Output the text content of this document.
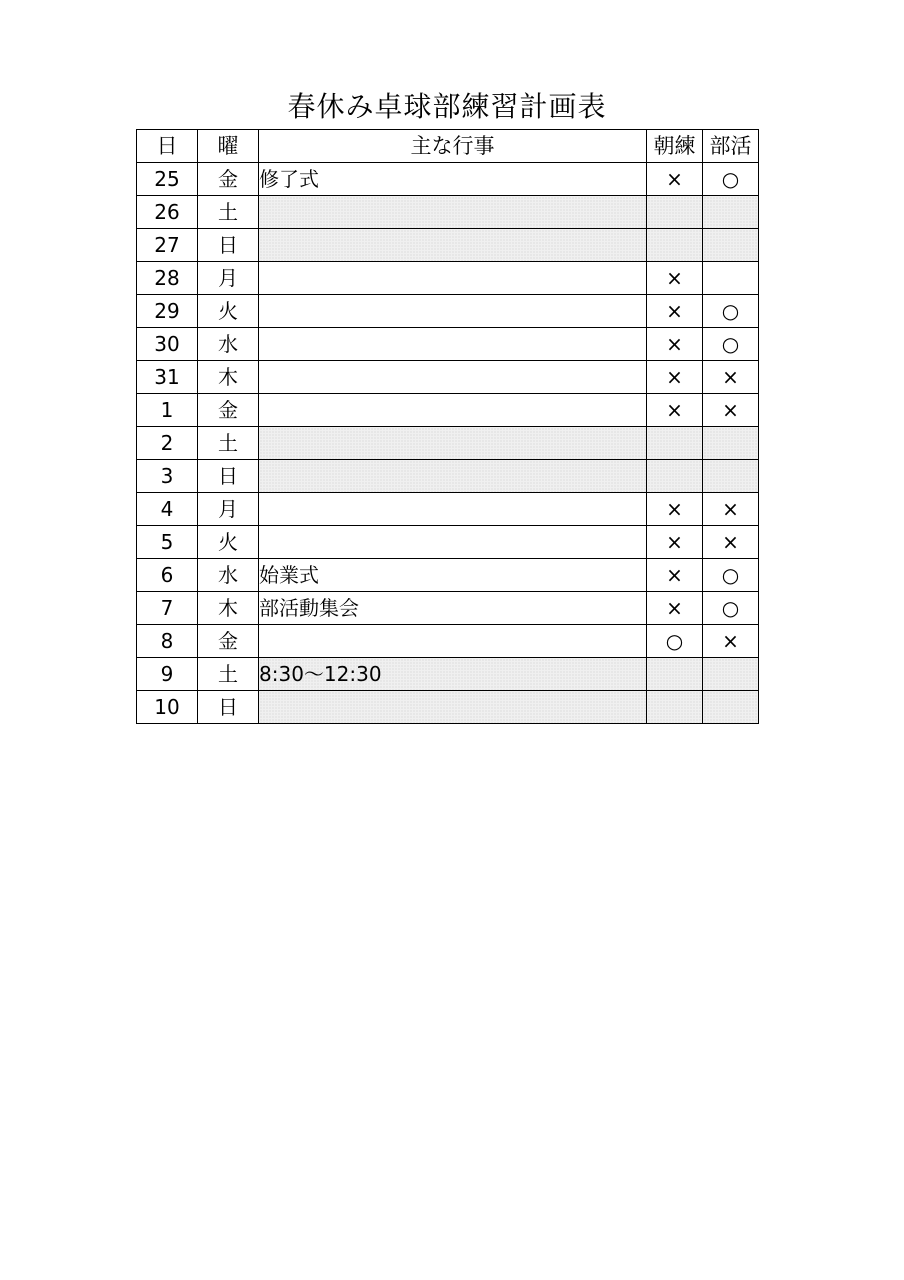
春休み卓球部練習計画表
日	曜	主な行事	朝練	部活
25	金	修了式	×	○
26	土			
27	日			
28	月		×	
29	火		×	○
30	水		×	○
31	木		×	×
1	金		×	×
2	土			
3	日			
4	月		×	×
5	火		×	×
6	水	始業式	×	○
7	木	部活動集会	×	○
8	金		○	×
9	土	8:30～12:30		
10	日			
